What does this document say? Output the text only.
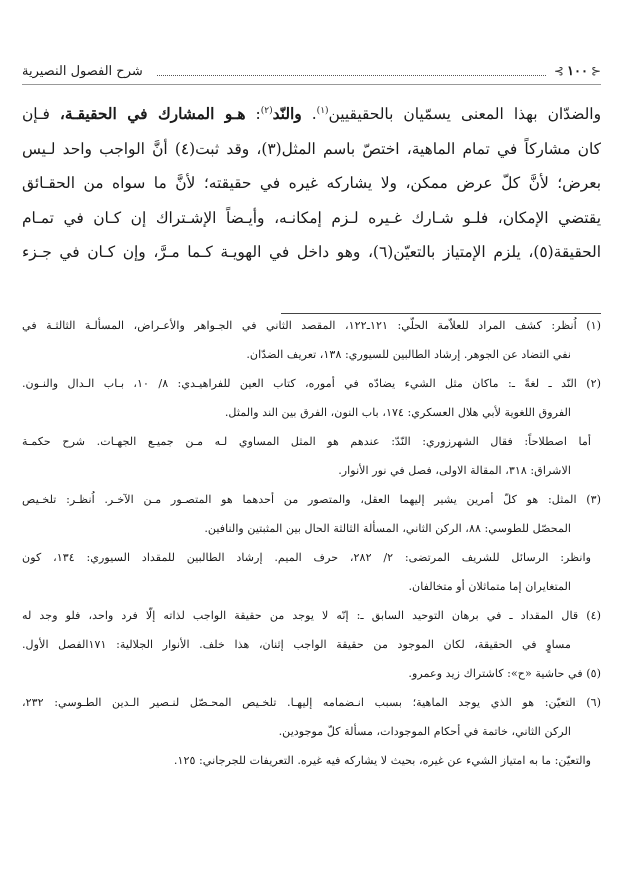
⊰
١٠٠
⊱
شرح الفصول النصيرية

والضدّان بهذا المعنى يسمّيان بالحقيقيين$^{(١)}$. والنّد$^{(٢)}$: هـو المشارك في الحقيقـة، فـإن

كان مشاركاً في تمام الماهية، اختصّ باسم المثل(٣)، وقد ثبت(٤) أنَّ الواجب واحد لـيس

بعرض؛ لأنَّ كلّ عرض ممكن، ولا يشاركه غيره في حقيقته؛ لأنَّ ما سواه من الحقـائق

يقتضي الإمكان، فلـو شـارك غـيره لـزم إمكانـه، وأيـضاً الإشـتراك إن كـان في تمـام

الحقيقة(٥)، يلزم الإمتياز بالتعيّن(٦)، وهو داخل في الهويـة كـما مـرَّ، وإن كـان في جـزء

(١) اُنظر: كشف المراد للعلاّمة الحلّي: ١٢١ـ١٢٢، المقصد الثاني في الجـواهر والأعـراض، المسألـة الثالثـة في
نفي التضاد عن الجوهر. إرشاد الطالبين للسيوري: ١٣٨، تعريف الضدّان.
(٢) النّد ـ لغةً ـ: ماكان مثل الشيء يضادّه في أموره، كتاب العين للفراهيـدي: ٨/ ١٠، بـاب الـدال والنـون.
الفروق اللغوية لأبي هلال العسكري: ١٧٤، باب النون، الفرق بين الند والمثل.
أما اصطلاحاً: فقال الشهرزوري: النّدّ: عندهم هو المثل المساوي لـه مـن جميـع الجهـات. شرح حكمـة
الاشراق: ٣١٨، المقالة الاولى، فصل في نور الأنوار.
(٣) المثل: هو كلّ أمرين يشير إليهما العقل، والمتصور من أحدهما هو المتصـور مـن الآخـر. اُنظـر: تلخـيص
المحصّل للطوسي: ٨٨، الركن الثاني، المسألة الثالثة الحال بين المثبتين والنافين.
وانظر: الرسائل للشريف المرتضى: ٢/ ٢٨٢، حرف الميم. إرشاد الطالبين للمقداد السيوري: ١٣٤، كون
المتغايران إما متماثلان أو متخالفان.
(٤) قال المقداد ـ في برهان التوحيد السابق ـ: إنّه لا يوجد من حقيقة الواجب لذاته إلّا فرد واحد، فلو وجد له
مساوٍ في الحقيقة، لكان الموجود من حقيقة الواجب إثنان، هذا خلف. الأنوار الجلالية: ١٧١الفصل الأول.
(٥) في حاشية «ح»: كاشتراك زيد وعمرو.
(٦) التعيّن: هو الذي يوجد الماهية؛ بسبب انـضمامه إليهـا. تلخـيص المحـصّل لنـصير الـدين الطـوسي: ٢٣٢،
الركن الثاني، خاتمة في أحكام الموجودات، مسألة كلّ موجودين.
والتعيّن: ما به امتياز الشيء عن غيره، بحيث لا يشاركه فيه غيره. التعريفات للجرجاني: ١٢٥.
